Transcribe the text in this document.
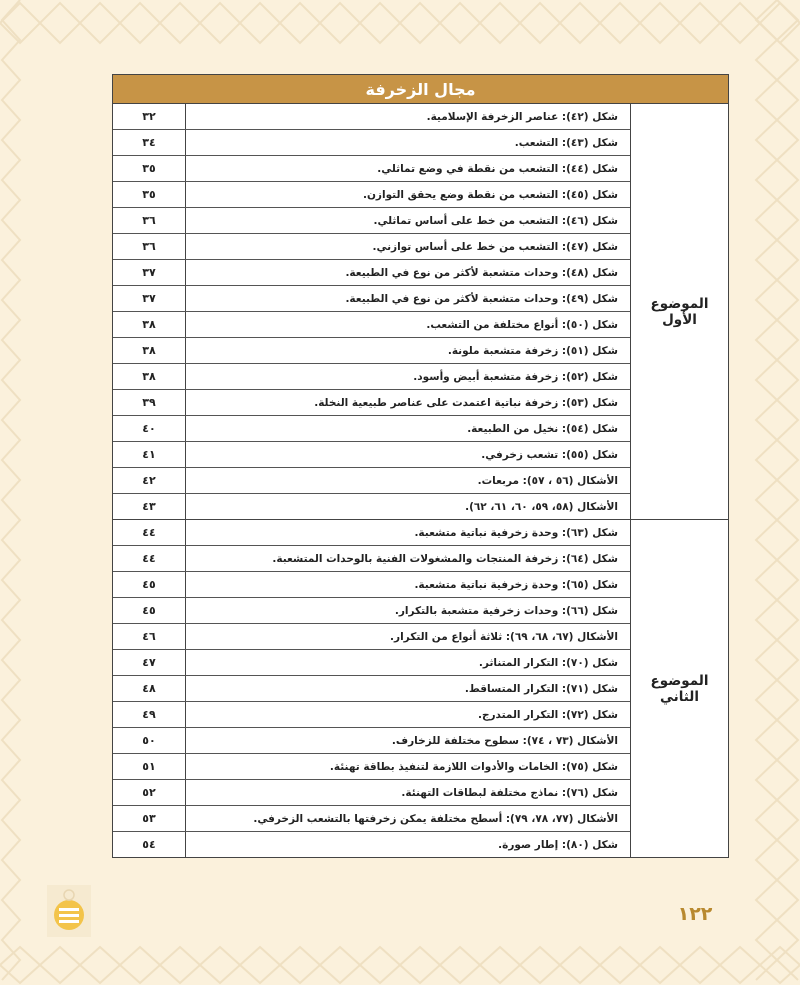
مجال الزخرفة
الموضوع الأول
شكل (٤٢): عناصر الزخرفة الإسلامية.
٣٢
شكل (٤٣): التشعب.
٣٤
شكل (٤٤): التشعب من نقطة في وضع تماثلي.
٣٥
شكل (٤٥): التشعب من نقطة وضع يحقق التوازن.
٣٥
شكل (٤٦): التشعب من خط على أساس تماثلي.
٣٦
شكل (٤٧): التشعب من خط على أساس توازني.
٣٦
شكل (٤٨): وحدات متشعبة لأكثر من نوع في الطبيعة.
٣٧
شكل (٤٩): وحدات متشعبة لأكثر من نوع في الطبيعة.
٣٧
شكل (٥٠): أنواع مختلفة من التشعب.
٣٨
شكل (٥١): زخرفة متشعبة ملونة.
٣٨
شكل (٥٢): زخرفة متشعبة أبيض وأسود.
٣٨
شكل (٥٣): زخرفة نباتية اعتمدت على عناصر طبيعية النخلة.
٣٩
شكل (٥٤): نخيل من الطبيعة.
٤٠
شكل (٥٥): تشعب زخرفي.
٤١
الأشكال (٥٦ ، ٥٧): مربعات.
٤٢
الأشكال (٥٨، ٥٩، ٦٠، ٦١، ٦٢).
٤٣
الموضوع الثاني
شكل (٦٣): وحدة زخرفية نباتية متشعبة.
٤٤
شكل (٦٤): زخرفة المنتجات والمشغولات الفنية بالوحدات المتشعبة.
٤٤
شكل (٦٥): وحدة زخرفية نباتية متشعبة.
٤٥
شكل (٦٦): وحدات زخرفية متشعبة بالتكرار.
٤٥
الأشكال (٦٧، ٦٨، ٦٩): ثلاثة أنواع من التكرار.
٤٦
شكل (٧٠): التكرار المتناثر.
٤٧
شكل (٧١): التكرار المتساقط.
٤٨
شكل (٧٢): التكرار المتدرج.
٤٩
الأشكال (٧٣ ، ٧٤): سطوح مختلفة للزخارف.
٥٠
شكل (٧٥): الخامات والأدوات اللازمة لتنفيذ بطاقة تهنئة.
٥١
شكل (٧٦): نماذج مختلفة لبطاقات التهنئة.
٥٢
الأشكال (٧٧، ٧٨، ٧٩): أسطح مختلفة يمكن زخرفتها بالتشعب الزخرفي.
٥٣
شكل (٨٠): إطار صورة.
٥٤
١٢٢
